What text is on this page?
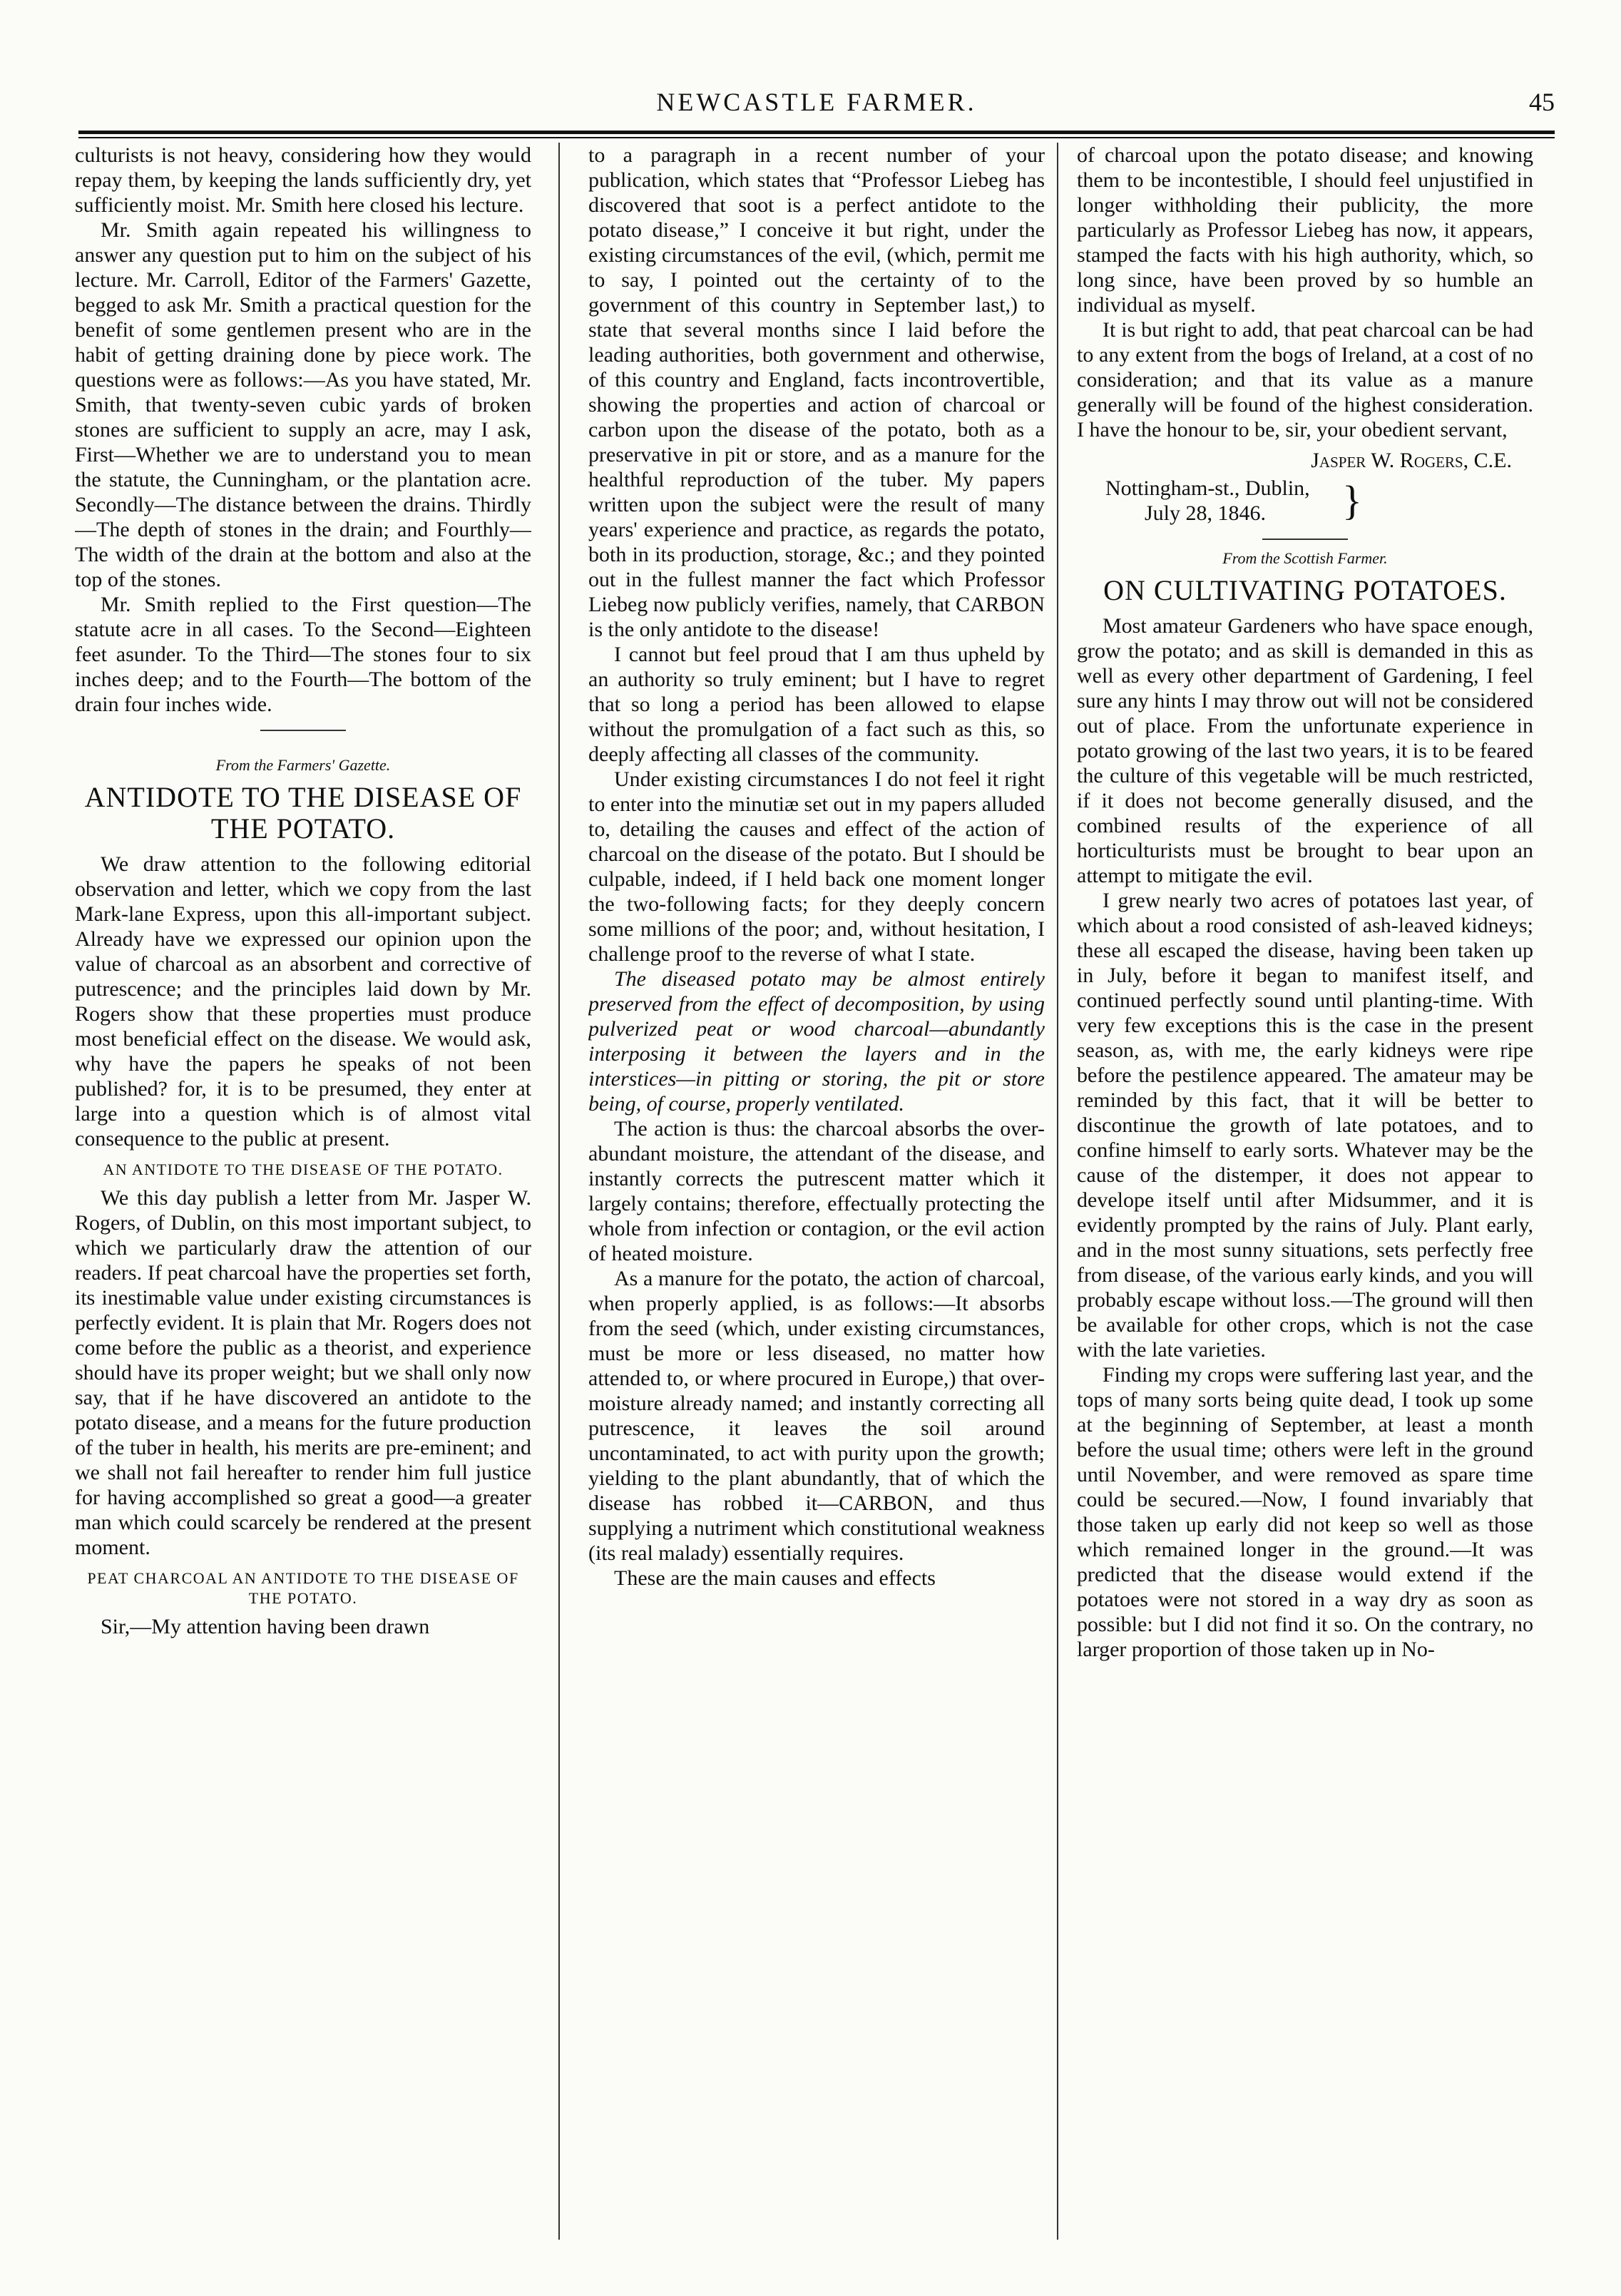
NEWCASTLE FARMER.	45

culturists is not heavy, considering how they would repay them, by keeping the lands sufficiently dry, yet sufficiently moist. Mr. Smith here closed his lecture.

Mr. Smith again repeated his willingness to answer any question put to him on the subject of his lecture. Mr. Carroll, Editor of the Farmers' Gazette, begged to ask Mr. Smith a practical question for the benefit of some gentlemen present who are in the habit of getting draining done by piece work. The questions were as follows:—As you have stated, Mr. Smith, that twenty-seven cubic yards of broken stones are sufficient to supply an acre, may I ask, First—Whether we are to understand you to mean the statute, the Cunningham, or the plantation acre. Secondly—The distance between the drains. Thirdly—The depth of stones in the drain; and Fourthly—The width of the drain at the bottom and also at the top of the stones.

Mr. Smith replied to the First question—The statute acre in all cases. To the Second—Eighteen feet asunder. To the Third—The stones four to six inches deep; and to the Fourth—The bottom of the drain four inches wide.

From the Farmers' Gazette.
ANTIDOTE TO THE DISEASE OF THE POTATO.

We draw attention to the following editorial observation and letter, which we copy from the last Mark-lane Express, upon this all-important subject. Already have we expressed our opinion upon the value of charcoal as an absorbent and corrective of putrescence; and the principles laid down by Mr. Rogers show that these properties must produce most beneficial effect on the disease. We would ask, why have the papers he speaks of not been published? for, it is to be presumed, they enter at large into a question which is of almost vital consequence to the public at present.

AN ANTIDOTE TO THE DISEASE OF THE POTATO.

We this day publish a letter from Mr. Jasper W. Rogers, of Dublin, on this most important subject, to which we particularly draw the attention of our readers. If peat charcoal have the properties set forth, its inestimable value under existing circumstances is perfectly evident. It is plain that Mr. Rogers does not come before the public as a theorist, and experience should have its proper weight; but we shall only now say, that if he have discovered an antidote to the potato disease, and a means for the future production of the tuber in health, his merits are pre-eminent; and we shall not fail hereafter to render him full justice for having accomplished so great a good—a greater man which could scarcely be rendered at the present moment.

PEAT CHARCOAL AN ANTIDOTE TO THE DISEASE OF THE POTATO.

Sir,—My attention having been drawn

to a paragraph in a recent number of your publication, which states that “Professor Liebeg has discovered that soot is a perfect antidote to the potato disease,” I conceive it but right, under the existing circumstances of the evil, (which, permit me to say, I pointed out the certainty of to the government of this country in September last,) to state that several months since I laid before the leading authorities, both government and otherwise, of this country and England, facts incontrovertible, showing the properties and action of charcoal or carbon upon the disease of the potato, both as a preservative in pit or store, and as a manure for the healthful reproduction of the tuber. My papers written upon the subject were the result of many years' experience and practice, as regards the potato, both in its production, storage, &c.; and they pointed out in the fullest manner the fact which Professor Liebeg now publicly verifies, namely, that CARBON is the only antidote to the disease!

I cannot but feel proud that I am thus upheld by an authority so truly eminent; but I have to regret that so long a period has been allowed to elapse without the promulgation of a fact such as this, so deeply affecting all classes of the community.

Under existing circumstances I do not feel it right to enter into the minutiæ set out in my papers alluded to, detailing the causes and effect of the action of charcoal on the disease of the potato. But I should be culpable, indeed, if I held back one moment longer the two-following facts; for they deeply concern some millions of the poor; and, without hesitation, I challenge proof to the reverse of what I state.

The diseased potato may be almost entirely preserved from the effect of decomposition, by using pulverized peat or wood charcoal—abundantly interposing it between the layers and in the interstices—in pitting or storing, the pit or store being, of course, properly ventilated.

The action is thus: the charcoal absorbs the over-abundant moisture, the attendant of the disease, and instantly corrects the putrescent matter which it largely contains; therefore, effectually protecting the whole from infection or contagion, or the evil action of heated moisture.

As a manure for the potato, the action of charcoal, when properly applied, is as follows:—It absorbs from the seed (which, under existing circumstances, must be more or less diseased, no matter how attended to, or where procured in Europe,) that over-moisture already named; and instantly correcting all putrescence, it leaves the soil around uncontaminated, to act with purity upon the growth; yielding to the plant abundantly, that of which the disease has robbed it—CARBON, and thus supplying a nutriment which constitutional weakness (its real malady) essentially requires.

These are the main causes and effects

of charcoal upon the potato disease; and knowing them to be incontestible, I should feel unjustified in longer withholding their publicity, the more particularly as Professor Liebeg has now, it appears, stamped the facts with his high authority, which, so long since, have been proved by so humble an individual as myself.

It is but right to add, that peat charcoal can be had to any extent from the bogs of Ireland, at a cost of no consideration; and that its value as a manure generally will be found of the highest consideration. I have the honour to be, sir, your obedient servant,

Jasper W. Rogers, C.E.
Nottingham-st., Dublin,
July 28, 1846.	}
From the Scottish Farmer.
ON CULTIVATING POTATOES.

Most amateur Gardeners who have space enough, grow the potato; and as skill is demanded in this as well as every other department of Gardening, I feel sure any hints I may throw out will not be considered out of place. From the unfortunate experience in potato growing of the last two years, it is to be feared the culture of this vegetable will be much restricted, if it does not become generally disused, and the combined results of the experience of all horticulturists must be brought to bear upon an attempt to mitigate the evil.

I grew nearly two acres of potatoes last year, of which about a rood consisted of ash-leaved kidneys; these all escaped the disease, having been taken up in July, before it began to manifest itself, and continued perfectly sound until planting-time. With very few exceptions this is the case in the present season, as, with me, the early kidneys were ripe before the pestilence appeared. The amateur may be reminded by this fact, that it will be better to discontinue the growth of late potatoes, and to confine himself to early sorts. Whatever may be the cause of the distemper, it does not appear to develope itself until after Midsummer, and it is evidently prompted by the rains of July. Plant early, and in the most sunny situations, sets perfectly free from disease, of the various early kinds, and you will probably escape without loss.—The ground will then be available for other crops, which is not the case with the late varieties.

Finding my crops were suffering last year, and the tops of many sorts being quite dead, I took up some at the beginning of September, at least a month before the usual time; others were left in the ground until November, and were removed as spare time could be secured.—Now, I found invariably that those taken up early did not keep so well as those which remained longer in the ground.—It was predicted that the disease would extend if the potatoes were not stored in a way dry as soon as possible: but I did not find it so. On the contrary, no larger proportion of those taken up in No-
